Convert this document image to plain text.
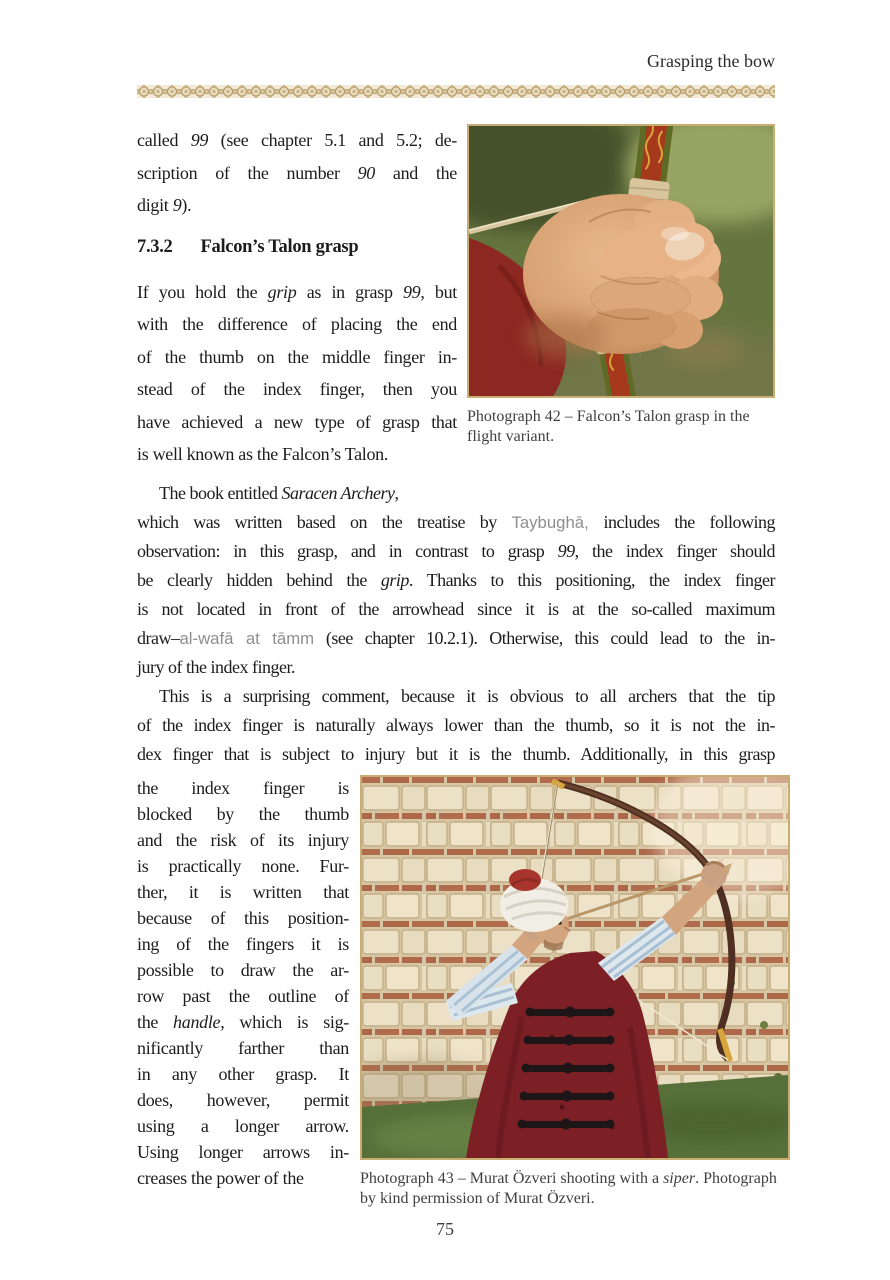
Grasping the bow
called 99 (see chapter 5.1 and 5.2; de-
scription of the number 90 and the
digit 9).
7.3.2 Falcon’s Talon grasp
If you hold the grip as in grasp 99, but
with the difference of placing the end
of the thumb on the middle finger in-
stead of the index finger, then you
have achieved a new type of grasp that
is well known as the Falcon’s Talon.
Photograph 42 – Falcon’s Talon grasp in the flight variant.
The book entitled Saracen Archery,
which was written based on the treatise by Taybughā, includes the following
observation: in this grasp, and in contrast to grasp 99, the index finger should
be clearly hidden behind the grip. Thanks to this positioning, the index finger
is not located in front of the arrowhead since it is at the so-called maximum
draw–al-wafā at tāmm (see chapter 10.2.1). Otherwise, this could lead to the in-
jury of the index finger.
This is a surprising comment, because it is obvious to all archers that the tip
of the index finger is naturally always lower than the thumb, so it is not the in-
dex finger that is subject to injury but it is the thumb. Additionally, in this grasp
the index finger is
blocked by the thumb
and the risk of its injury
is practically none. Fur-
ther, it is written that
because of this position-
ing of the fingers it is
possible to draw the ar-
row past the outline of
the handle, which is sig-
nificantly farther than
in any other grasp. It
does, however, permit
using a longer arrow.
Using longer arrows in-
creases the power of the	Photograph 43 – Murat Özveri shooting with a siper. Photograph by kind permission of Murat Özveri.
75
